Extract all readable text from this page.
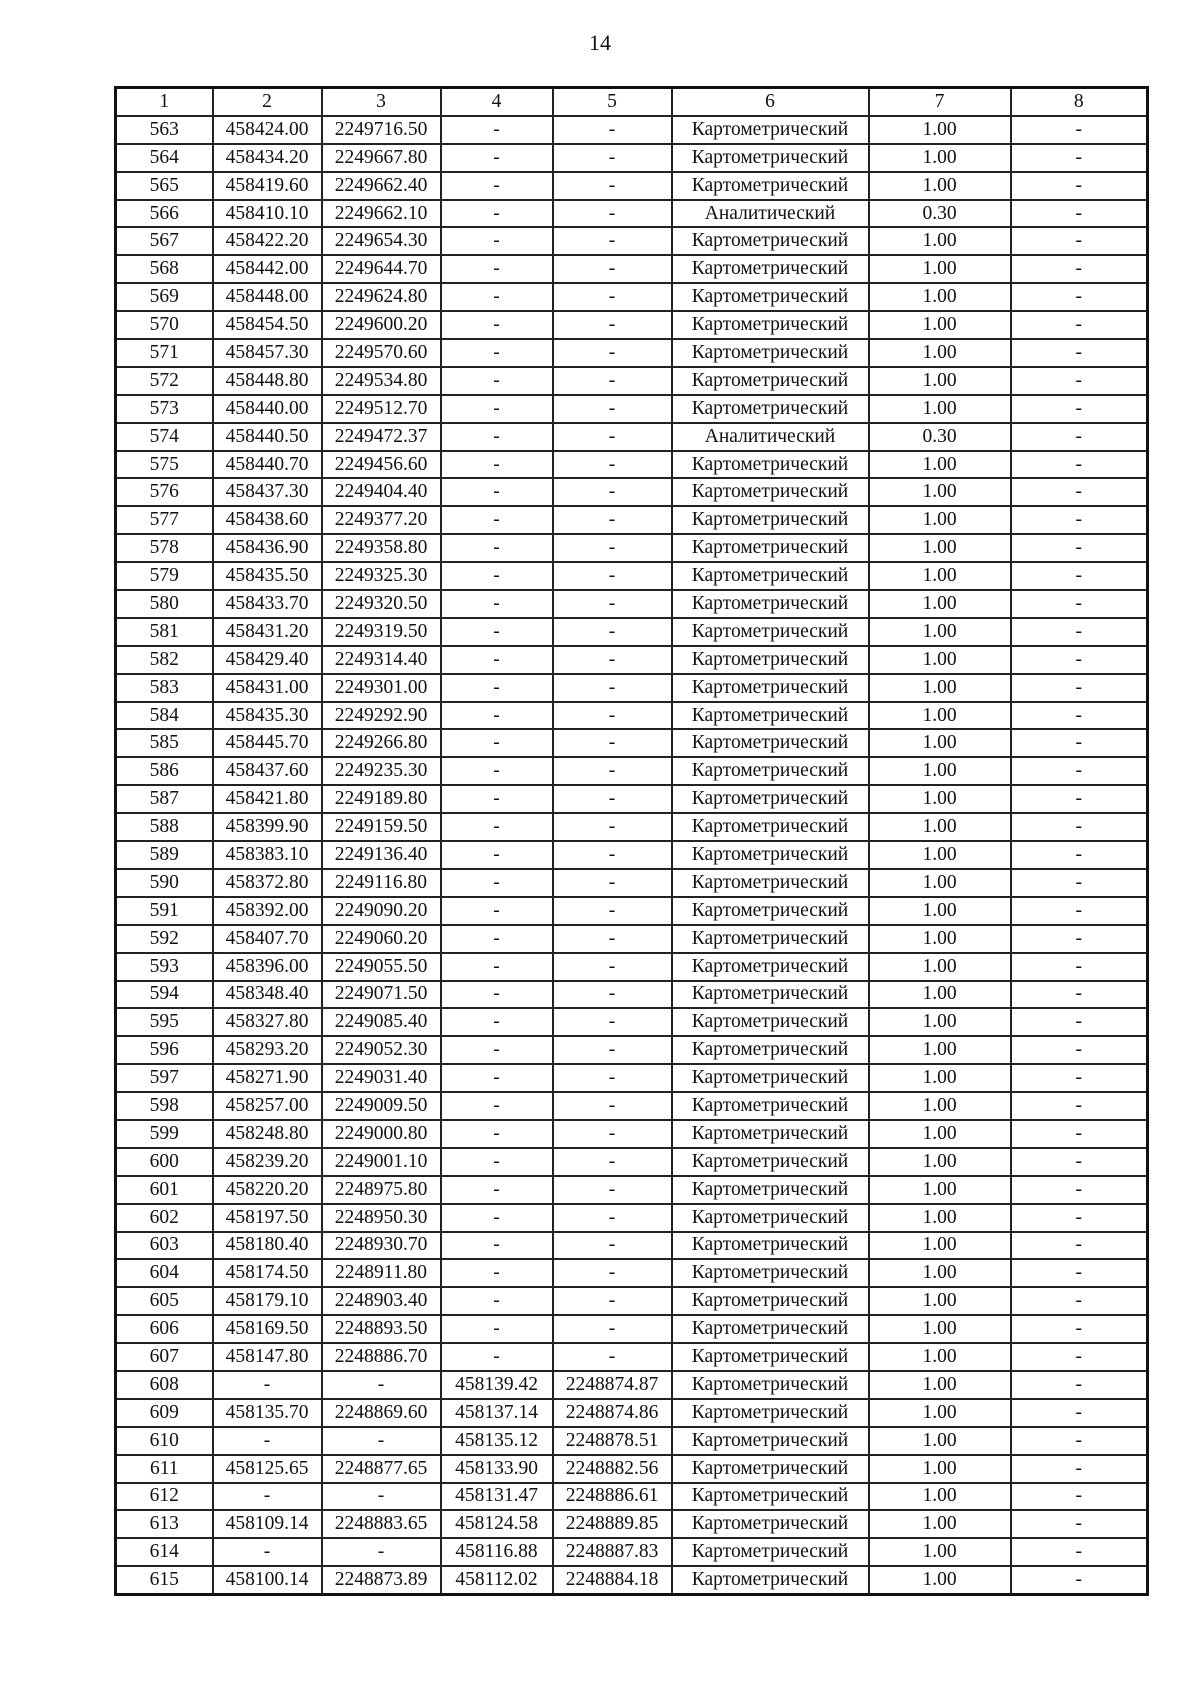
14
1	2	3	4	5	6	7	8
563	458424.00	2249716.50	-	-	Картометрический	1.00	-
564	458434.20	2249667.80	-	-	Картометрический	1.00	-
565	458419.60	2249662.40	-	-	Картометрический	1.00	-
566	458410.10	2249662.10	-	-	Аналитический	0.30	-
567	458422.20	2249654.30	-	-	Картометрический	1.00	-
568	458442.00	2249644.70	-	-	Картометрический	1.00	-
569	458448.00	2249624.80	-	-	Картометрический	1.00	-
570	458454.50	2249600.20	-	-	Картометрический	1.00	-
571	458457.30	2249570.60	-	-	Картометрический	1.00	-
572	458448.80	2249534.80	-	-	Картометрический	1.00	-
573	458440.00	2249512.70	-	-	Картометрический	1.00	-
574	458440.50	2249472.37	-	-	Аналитический	0.30	-
575	458440.70	2249456.60	-	-	Картометрический	1.00	-
576	458437.30	2249404.40	-	-	Картометрический	1.00	-
577	458438.60	2249377.20	-	-	Картометрический	1.00	-
578	458436.90	2249358.80	-	-	Картометрический	1.00	-
579	458435.50	2249325.30	-	-	Картометрический	1.00	-
580	458433.70	2249320.50	-	-	Картометрический	1.00	-
581	458431.20	2249319.50	-	-	Картометрический	1.00	-
582	458429.40	2249314.40	-	-	Картометрический	1.00	-
583	458431.00	2249301.00	-	-	Картометрический	1.00	-
584	458435.30	2249292.90	-	-	Картометрический	1.00	-
585	458445.70	2249266.80	-	-	Картометрический	1.00	-
586	458437.60	2249235.30	-	-	Картометрический	1.00	-
587	458421.80	2249189.80	-	-	Картометрический	1.00	-
588	458399.90	2249159.50	-	-	Картометрический	1.00	-
589	458383.10	2249136.40	-	-	Картометрический	1.00	-
590	458372.80	2249116.80	-	-	Картометрический	1.00	-
591	458392.00	2249090.20	-	-	Картометрический	1.00	-
592	458407.70	2249060.20	-	-	Картометрический	1.00	-
593	458396.00	2249055.50	-	-	Картометрический	1.00	-
594	458348.40	2249071.50	-	-	Картометрический	1.00	-
595	458327.80	2249085.40	-	-	Картометрический	1.00	-
596	458293.20	2249052.30	-	-	Картометрический	1.00	-
597	458271.90	2249031.40	-	-	Картометрический	1.00	-
598	458257.00	2249009.50	-	-	Картометрический	1.00	-
599	458248.80	2249000.80	-	-	Картометрический	1.00	-
600	458239.20	2249001.10	-	-	Картометрический	1.00	-
601	458220.20	2248975.80	-	-	Картометрический	1.00	-
602	458197.50	2248950.30	-	-	Картометрический	1.00	-
603	458180.40	2248930.70	-	-	Картометрический	1.00	-
604	458174.50	2248911.80	-	-	Картометрический	1.00	-
605	458179.10	2248903.40	-	-	Картометрический	1.00	-
606	458169.50	2248893.50	-	-	Картометрический	1.00	-
607	458147.80	2248886.70	-	-	Картометрический	1.00	-
608	-	-	458139.42	2248874.87	Картометрический	1.00	-
609	458135.70	2248869.60	458137.14	2248874.86	Картометрический	1.00	-
610	-	-	458135.12	2248878.51	Картометрический	1.00	-
611	458125.65	2248877.65	458133.90	2248882.56	Картометрический	1.00	-
612	-	-	458131.47	2248886.61	Картометрический	1.00	-
613	458109.14	2248883.65	458124.58	2248889.85	Картометрический	1.00	-
614	-	-	458116.88	2248887.83	Картометрический	1.00	-
615	458100.14	2248873.89	458112.02	2248884.18	Картометрический	1.00	-
